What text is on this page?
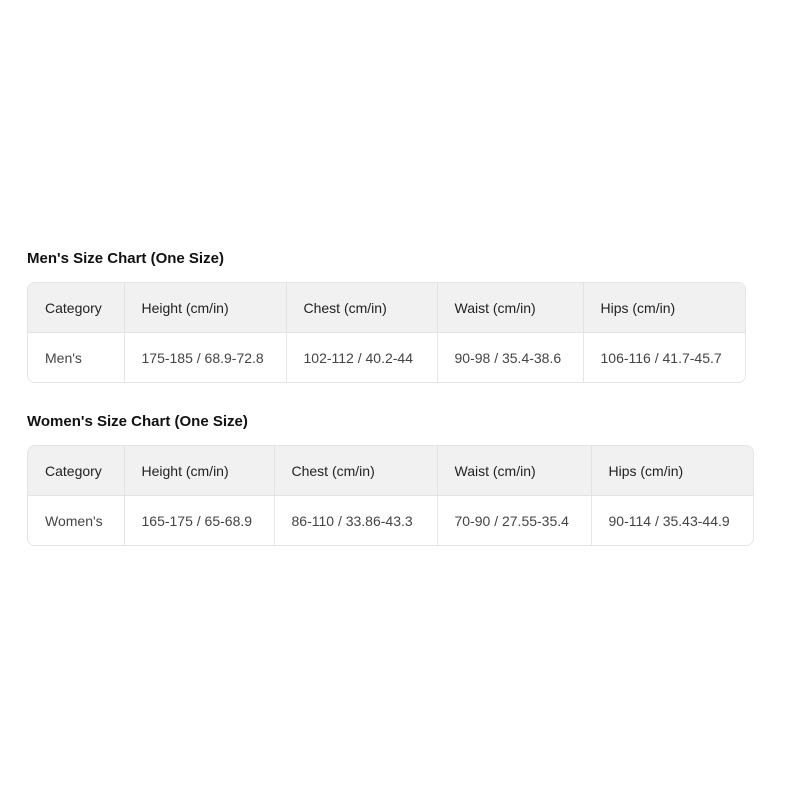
Men's Size Chart (One Size)
Category	Height (cm/in)	Chest (cm/in)	Waist (cm/in)	Hips (cm/in)
Men's	175-185 / 68.9-72.8	102-112 / 40.2-44	90-98 / 35.4-38.6	106-116 / 41.7-45.7
Women's Size Chart (One Size)
Category	Height (cm/in)	Chest (cm/in)	Waist (cm/in)	Hips (cm/in)
Women's	165-175 / 65-68.9	86-110 / 33.86-43.3	70-90 / 27.55-35.4	90-114 / 35.43-44.9
